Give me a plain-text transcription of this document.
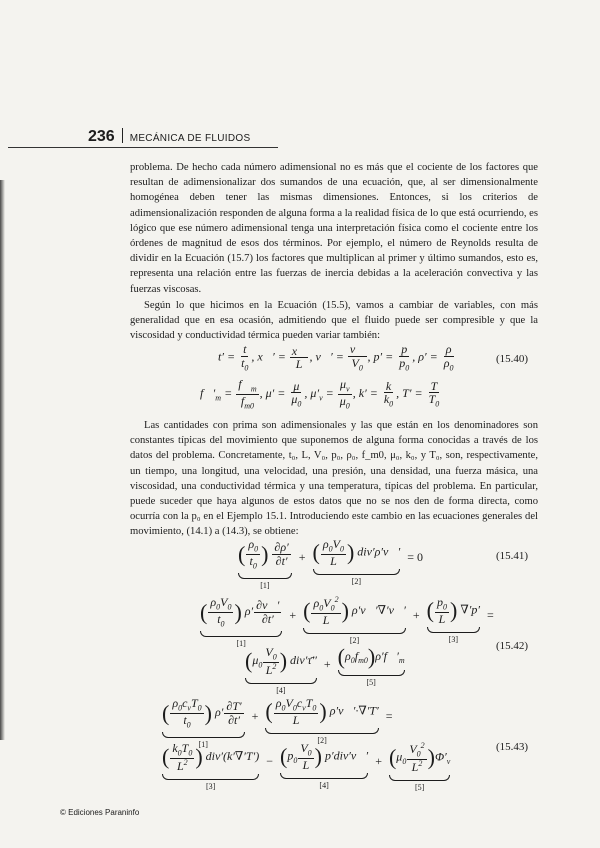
236 MECÁNICA DE FLUIDOS

problema. De hecho cada número adimensional no es más que el cociente de los factores que resultan de adimensionalizar dos sumandos de una ecuación, que, al ser dimensionalmente homogénea deben tener las mismas dimensiones. Entonces, si los criterios de adimensionalización responden de alguna forma a la realidad física de lo que está ocurriendo, es lógico que ese número adimensional tenga una interpretación física como el cociente entre los órdenes de magnitud de esos dos términos. Por ejemplo, el número de Reynolds resulta de dividir en la Ecuación (15.7) los factores que multiplican al primer y último sumandos, esto es, representa una relación entre las fuerzas de inercia debidas a la aceleración convectiva y las fuerzas viscosas.

Según lo que hicimos en la Ecuación (15.5), vamos a cambiar de variables, con más generalidad que en esa ocasión, admitiendo que el fluido puede ser compresible y que la viscosidad y conductividad térmica pueden variar también:

$t' = \frac{t}{t_0}$ , x⃗′ = $\frac{x⃗}{L}$ , v⃗′ = $\frac{v⃗}{V_0}$ , $p' = \frac{p}{p_0}$ , $\rho' = \frac{\rho}{\rho_0}$
$f⃗'_m = \frac{f⃗_m}{f_{m0}}$ , $\mu' = \frac{\mu}{\mu_0}$ , $\mu'_v = \frac{\mu_v}{\mu_0}$ , $k' = \frac{k}{k_0}$ , $T' = \frac{T}{T_0}$
(15.40)

Las cantidades con prima son adimensionales y las que están en los denominadores son constantes típicas del movimiento que suponemos de alguna forma conocidas a través de los datos del problema. Concretamente, t₀, L, V₀, p₀, ρ₀, f_m0, μ₀, k₀, y T₀, son, respectivamente, un tiempo, una longitud, una velocidad, una presión, una densidad, una fuerza másica, una viscosidad, una conductividad térmica y una temperatura, típicas del problema. En particular, puede suceder que haya algunos de estos datos que no se nos den de forma directa, como ocurría con la p₀ en el Ejemplo 15.1. Introduciendo este cambio en las ecuaciones generales del movimiento, (14.1) a (14.3), se obtiene:

( $\frac{\rho_0}{t_0}$ ) $\frac{\partial\rho'}{\partial t'}$
[1]
+ ( $\frac{\rho_0V_0}{L}$ ) div′ρ′v⃗′
[2]
= 0	(15.41)
( $\frac{\rho_0V_0}{t_0}$ ) $\rho' \frac{\partial v⃗'}{\partial t'}$
[1]
+ ( $\frac{\rho_0V_0^2}{L}$ ) ρ′v⃗′∇′v⃗′
[2]
+ ( $\frac{p_0}{L}$ ) ∇′p′
[3]
=
($\mu_0 \frac{V_0}{L^2}$ ) div′τ̄′′
[4]
+ $(\rho_0f_{m0})\rho'f⃗'_m$
[5]
(15.42)
( $\frac{\rho_0c_vT_0}{t_0}$ ) $\rho' \frac{\partial T'}{\partial t'}$
[1]
+ ( $\frac{\rho_0V_0c_vT_0}{L}$ ) ρ′v⃗′·∇′T′
[2]
=
( $\frac{k_0T_0}{L^2}$ ) div′(k′∇′T′)
[3]
− ($p_0 \frac{V_0}{L}$ ) p′div′v⃗′
[4]
+ $(\mu_0 \frac{V_0^2}{L^2} )\Phi'_v$
[5]
(15.43)
© Ediciones Paraninfo
